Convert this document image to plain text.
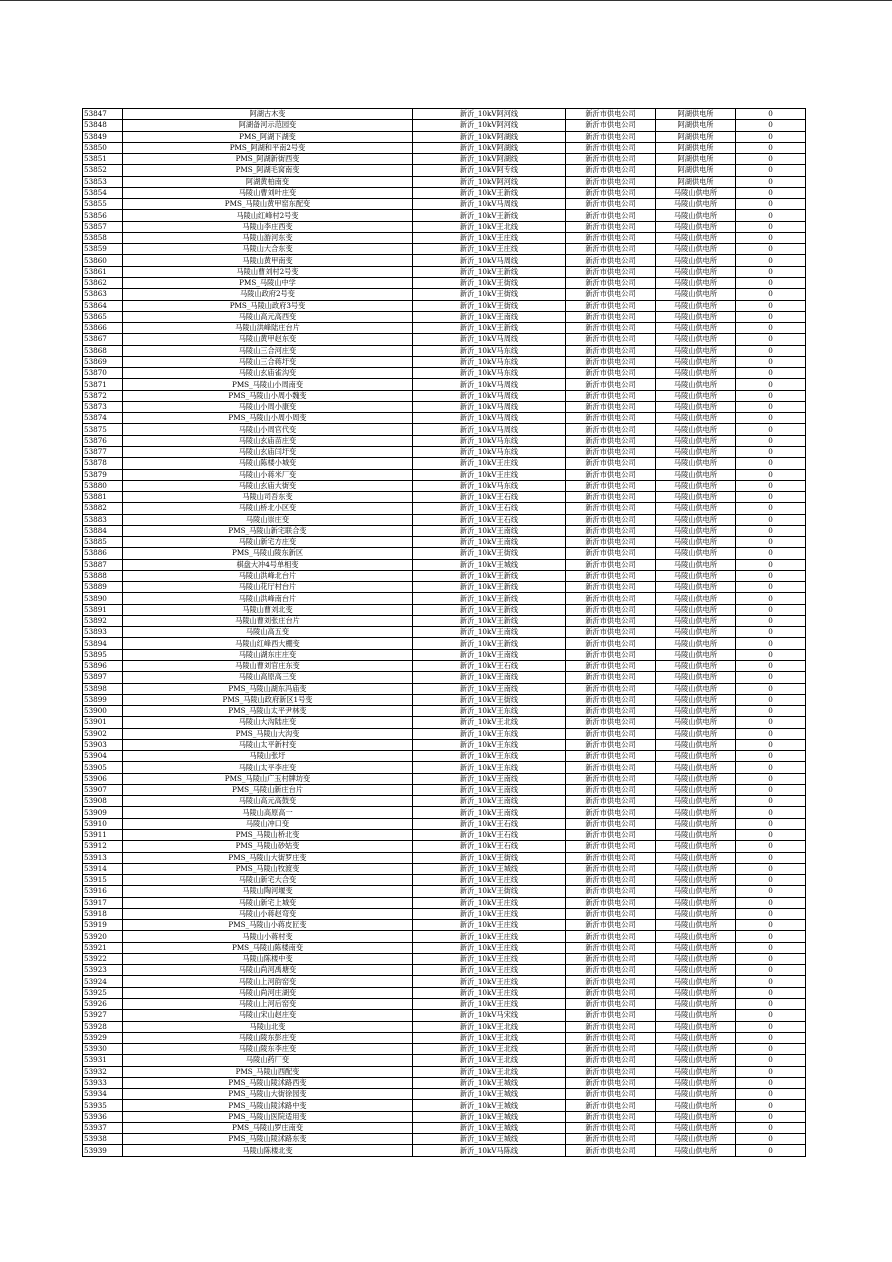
53847	阿湖古木变	新沂_10kV阿河线	新沂市供电公司	阿湖供电所	0
53848	阿湖备河示范园变	新沂_10kV阿河线	新沂市供电公司	阿湖供电所	0
53849	PMS_阿湖下湖变	新沂_10kV阿湖线	新沂市供电公司	阿湖供电所	0
53850	PMS_阿湖和平南2号变	新沂_10kV阿湖线	新沂市供电公司	阿湖供电所	0
53851	PMS_阿湖新街西变	新沂_10kV阿湖线	新沂市供电公司	阿湖供电所	0
53852	PMS_阿湖毛窝南变	新沂_10kV阿专线	新沂市供电公司	阿湖供电所	0
53853	阿湖黄柏南变	新沂_10kV阿河线	新沂市供电公司	阿湖供电所	0
53854	马陵山曹刘叶庄变	新沂_10kV王新线	新沂市供电公司	马陵山供电所	0
53855	PMS_马陵山黄甲窑东配变	新沂_10kV马周线	新沂市供电公司	马陵山供电所	0
53856	马陵山红峰村2号变	新沂_10kV王新线	新沂市供电公司	马陵山供电所	0
53857	马陵山李庄西变	新沂_10kV王北线	新沂市供电公司	马陵山供电所	0
53858	马陵山游河东变	新沂_10kV王庄线	新沂市供电公司	马陵山供电所	0
53859	马陵山大合东变	新沂_10kV王庄线	新沂市供电公司	马陵山供电所	0
53860	马陵山黄甲南变	新沂_10kV马周线	新沂市供电公司	马陵山供电所	0
53861	马陵山曹刘村2号变	新沂_10kV王新线	新沂市供电公司	马陵山供电所	0
53862	PMS_马陵山中学	新沂_10kV王街线	新沂市供电公司	马陵山供电所	0
53863	马陵山政府2号变	新沂_10kV王街线	新沂市供电公司	马陵山供电所	0
53864	PMS_马陵山政府3号变	新沂_10kV王街线	新沂市供电公司	马陵山供电所	0
53865	马陵山高元高西变	新沂_10kV王南线	新沂市供电公司	马陵山供电所	0
53866	马陵山洪峰陆庄台片	新沂_10kV王新线	新沂市供电公司	马陵山供电所	0
53867	马陵山黄甲赵东变	新沂_10kV马周线	新沂市供电公司	马陵山供电所	0
53868	马陵山三合河庄变	新沂_10kV马东线	新沂市供电公司	马陵山供电所	0
53869	马陵山三合蒋圩变	新沂_10kV马东线	新沂市供电公司	马陵山供电所	0
53870	马陵山玄庙雀沟变	新沂_10kV马东线	新沂市供电公司	马陵山供电所	0
53871	PMS_马陵山小周南变	新沂_10kV马周线	新沂市供电公司	马陵山供电所	0
53872	PMS_马陵山小周小魏变	新沂_10kV马周线	新沂市供电公司	马陵山供电所	0
53873	马陵山小周小康变	新沂_10kV马周线	新沂市供电公司	马陵山供电所	0
53874	PMS_马陵山小周小周变	新沂_10kV马周线	新沂市供电公司	马陵山供电所	0
53875	马陵山小周官代变	新沂_10kV马周线	新沂市供电公司	马陵山供电所	0
53876	马陵山玄庙苗庄变	新沂_10kV马东线	新沂市供电公司	马陵山供电所	0
53877	马陵山玄庙闫圩变	新沂_10kV马东线	新沂市供电公司	马陵山供电所	0
53878	马陵山陈楼小城变	新沂_10kV王庄线	新沂市供电公司	马陵山供电所	0
53879	马陵山小蒋米厂变	新沂_10kV王庄线	新沂市供电公司	马陵山供电所	0
53880	马陵山玄庙大街变	新沂_10kV马东线	新沂市供电公司	马陵山供电所	0
53881	马陵山司吾东变	新沂_10kV王石线	新沂市供电公司	马陵山供电所	0
53882	马陵山桥北小区变	新沂_10kV王石线	新沂市供电公司	马陵山供电所	0
53883	马陵山崇庄变	新沂_10kV王石线	新沂市供电公司	马陵山供电所	0
53884	PMS_马陵山新宅联合变	新沂_10kV王南线	新沂市供电公司	马陵山供电所	0
53885	马陵山新宅方庄变	新沂_10kV王南线	新沂市供电公司	马陵山供电所	0
53886	PMS_马陵山陵东新区	新沂_10kV王街线	新沂市供电公司	马陵山供电所	0
53887	棋盘大冲4号单相变	新沂_10kV王城线	新沂市供电公司	马陵山供电所	0
53888	马陵山洪峰北台片	新沂_10kV王新线	新沂市供电公司	马陵山供电所	0
53889	马陵山花厅村台片	新沂_10kV王新线	新沂市供电公司	马陵山供电所	0
53890	马陵山洪峰南台片	新沂_10kV王新线	新沂市供电公司	马陵山供电所	0
53891	马陵山曹刘北变	新沂_10kV王新线	新沂市供电公司	马陵山供电所	0
53892	马陵山曹刘张庄台片	新沂_10kV王新线	新沂市供电公司	马陵山供电所	0
53893	马陵山高五变	新沂_10kV王南线	新沂市供电公司	马陵山供电所	0
53894	马陵山红峰西大棚变	新沂_10kV王新线	新沂市供电公司	马陵山供电所	0
53895	马陵山湖东庄庄变	新沂_10kV王南线	新沂市供电公司	马陵山供电所	0
53896	马陵山曹刘官庄东变	新沂_10kV王石线	新沂市供电公司	马陵山供电所	0
53897	马陵山高原高三变	新沂_10kV王南线	新沂市供电公司	马陵山供电所	0
53898	PMS_马陵山湖东冯庙变	新沂_10kV王南线	新沂市供电公司	马陵山供电所	0
53899	PMS_马陵山政府新区1号变	新沂_10kV王街线	新沂市供电公司	马陵山供电所	0
53900	PMS_马陵山太平尹林变	新沂_10kV王东线	新沂市供电公司	马陵山供电所	0
53901	马陵山大沟陆庄变	新沂_10kV王北线	新沂市供电公司	马陵山供电所	0
53902	PMS_马陵山大沟变	新沂_10kV王东线	新沂市供电公司	马陵山供电所	0
53903	马陵山太平新村变	新沂_10kV王东线	新沂市供电公司	马陵山供电所	0
53904	马陵山张圩	新沂_10kV王东线	新沂市供电公司	马陵山供电所	0
53905	马陵山太平李庄变	新沂_10kV王东线	新沂市供电公司	马陵山供电所	0
53906	PMS_马陵山广玉村牌坊变	新沂_10kV王南线	新沂市供电公司	马陵山供电所	0
53907	PMS_马陵山新庄台片	新沂_10kV王南线	新沂市供电公司	马陵山供电所	0
53908	马陵山高元高鼓变	新沂_10kV王南线	新沂市供电公司	马陵山供电所	0
53909	马陵山高原高一	新沂_10kV王南线	新沂市供电公司	马陵山供电所	0
53910	马陵山冲口变	新沂_10kV王石线	新沂市供电公司	马陵山供电所	0
53911	PMS_马陵山桥北变	新沂_10kV王石线	新沂市供电公司	马陵山供电所	0
53912	PMS_马陵山砂姑变	新沂_10kV王石线	新沂市供电公司	马陵山供电所	0
53913	PMS_马陵山大街罗庄变	新沂_10kV王街线	新沂市供电公司	马陵山供电所	0
53914	PMS_马陵山牧渡变	新沂_10kV王城线	新沂市供电公司	马陵山供电所	0
53915	马陵山新宅大合变	新沂_10kV王庄线	新沂市供电公司	马陵山供电所	0
53916	马陵山陶河堰变	新沂_10kV王街线	新沂市供电公司	马陵山供电所	0
53917	马陵山新宅上城变	新沂_10kV王庄线	新沂市供电公司	马陵山供电所	0
53918	马陵山小蒋赵弯变	新沂_10kV王庄线	新沂市供电公司	马陵山供电所	0
53919	PMS_马陵山小蒋皮匠变	新沂_10kV王庄线	新沂市供电公司	马陵山供电所	0
53920	马陵山小蒋村变	新沂_10kV王庄线	新沂市供电公司	马陵山供电所	0
53921	PMS_马陵山陈楼南变	新沂_10kV王庄线	新沂市供电公司	马陵山供电所	0
53922	马陵山陈楼中变	新沂_10kV王庄线	新沂市供电公司	马陵山供电所	0
53923	马陵山尚河禹塘变	新沂_10kV王庄线	新沂市供电公司	马陵山供电所	0
53924	马陵山上河韵窑变	新沂_10kV王庄线	新沂市供电公司	马陵山供电所	0
53925	马陵山尚河庄湖变	新沂_10kV王庄线	新沂市供电公司	马陵山供电所	0
53926	马陵山上河后窑变	新沂_10kV王庄线	新沂市供电公司	马陵山供电所	0
53927	马陵山宋山赵庄变	新沂_10kV马宋线	新沂市供电公司	马陵山供电所	0
53928	马陵山北变	新沂_10kV王北线	新沂市供电公司	马陵山供电所	0
53929	马陵山陵东彭庄变	新沂_10kV王北线	新沂市供电公司	马陵山供电所	0
53930	马陵山陵东李庄变	新沂_10kV王北线	新沂市供电公司	马陵山供电所	0
53931	马陵山药厂变	新沂_10kV王北线	新沂市供电公司	马陵山供电所	0
53932	PMS_马陵山西配变	新沂_10kV王北线	新沂市供电公司	马陵山供电所	0
53933	PMS_马陵山陵沭路西变	新沂_10kV王城线	新沂市供电公司	马陵山供电所	0
53934	PMS_马陵山大街徐园变	新沂_10kV王城线	新沂市供电公司	马陵山供电所	0
53935	PMS_马陵山陵沭路中变	新沂_10kV王城线	新沂市供电公司	马陵山供电所	0
53936	PMS_马陵山医院适用变	新沂_10kV王城线	新沂市供电公司	马陵山供电所	0
53937	PMS_马陵山罗庄南变	新沂_10kV王城线	新沂市供电公司	马陵山供电所	0
53938	PMS_马陵山陵沭路东变	新沂_10kV王城线	新沂市供电公司	马陵山供电所	0
53939	马陵山陈楼北变	新沂_10kV马陈线	新沂市供电公司	马陵山供电所	0
